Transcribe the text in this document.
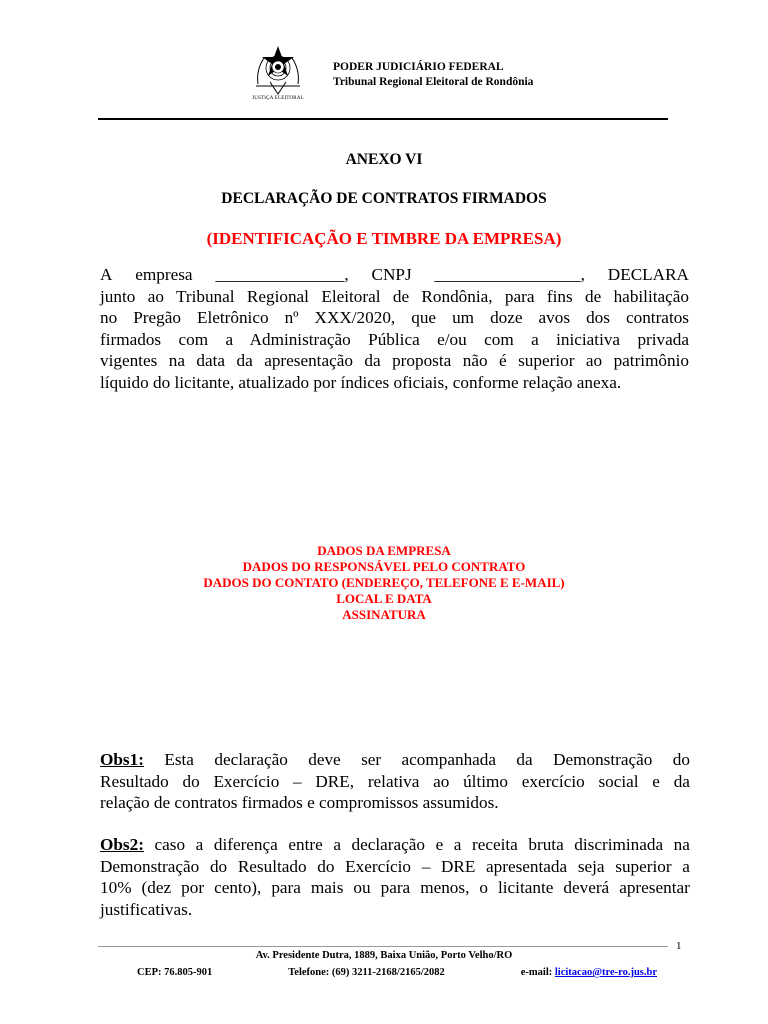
JUSTIÇA ELEITORAL
PODER JUDICIÁRIO FEDERAL
Tribunal Regional Eleitoral de Rondônia
ANEXO VI
DECLARAÇÃO DE CONTRATOS FIRMADOS
(IDENTIFICAÇÃO E TIMBRE DA EMPRESA)
A empresa _______________, CNPJ _________________, DECLARA
junto ao Tribunal Regional Eleitoral de Rondônia, para fins de habilitação
no Pregão Eletrônico nº XXX/2020, que um doze avos dos contratos
firmados com a Administração Pública e/ou com a iniciativa privada
vigentes na data da apresentação da proposta não é superior ao patrimônio
líquido do licitante, atualizado por índices oficiais, conforme relação anexa.
DADOS DA EMPRESA
DADOS DO RESPONSÁVEL PELO CONTRATO
DADOS DO CONTATO (ENDEREÇO, TELEFONE E E-MAIL)
LOCAL E DATA
ASSINATURA
Obs1: Esta declaração deve ser acompanhada da Demonstração do
Resultado do Exercício – DRE, relativa ao último exercício social e da
relação de contratos firmados e compromissos assumidos.
Obs2: caso a diferença entre a declaração e a receita bruta discriminada na
Demonstração do Resultado do Exercício – DRE apresentada seja superior a
10% (dez por cento), para mais ou para menos, o licitante deverá apresentar
justificativas.
1
Av. Presidente Dutra, 1889, Baixa União, Porto Velho/RO
CEP: 76.805-901	Telefone: (69) 3211-2168/2165/2082	e-mail: licitacao@tre-ro.jus.br
